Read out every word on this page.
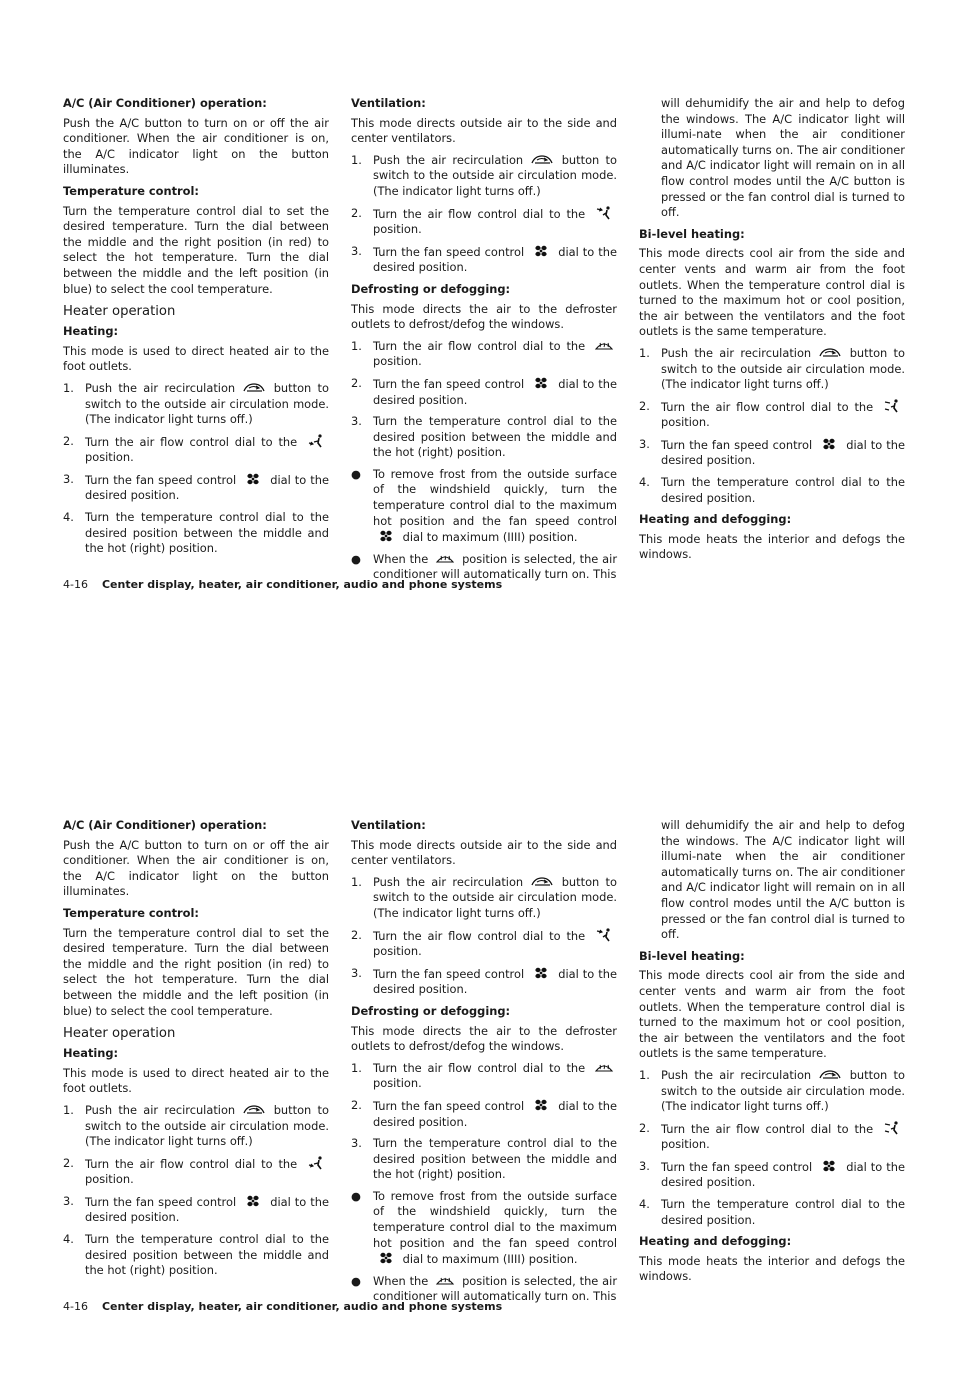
A/C (Air Conditioner) operation:
Push the A/C button to turn on or off the air conditioner. When the air conditioner is on, the A/C indicator light on the button illuminates.
Temperature control:
Turn the temperature control dial to set the desired temperature. Turn the dial between the middle and the right position (in red) to select the hot temperature. Turn the dial between the middle and the left position (in blue) to select the cool temperature.
Heater operation
Heating:
This mode is used to direct heated air to the foot outlets.
1. Push the air recirculation	button to switch to the outside air circulation mode. (The indicator light turns off.)
2. Turn the air flow control dial to the  position.
3. Turn the fan speed control	dial to the desired position.
4. Turn the temperature control dial to the desired position between the middle and the hot (right) position.
Ventilation:
This mode directs outside air to the side and center ventilators.
1. Push the air recirculation	button to switch to the outside air circulation mode. (The indicator light turns off.)
2. Turn the air flow control dial to the  position.
3. Turn the fan speed control	dial to the desired position.
Defrosting or defogging:
This mode directs the air to the defroster outlets to defrost/defog the windows.
1. Turn the air flow control dial to the  position.
2. Turn the fan speed control	dial to the desired position.
3. Turn the temperature control dial to the desired position between the middle and the hot (right) position.
●	To remove frost from the outside surface of the windshield quickly, turn the temperature control dial to the maximum hot position and the fan speed control  dial to maximum (IIII) position.
●	When the	position is selected, the air conditioner will automatically turn on. This
will dehumidify the air and help to defog the windows. The A/C indicator light will illumi-nate when the air conditioner automatically turns on. The air conditioner and A/C indicator light will remain on in all flow control modes until the A/C button is pressed or the fan control dial is turned to off.
Bi-level heating:
This mode directs cool air from the side and center vents and warm air from the foot outlets. When the temperature control dial is turned to the maximum hot or cool position, the air between the ventilators and the foot outlets is the same temperature.
1. Push the air recirculation	button to switch to the outside air circulation mode. (The indicator light turns off.)
2. Turn the air flow control dial to the  position.
3. Turn the fan speed control	dial to the desired position.
4. Turn the temperature control dial to the desired position.
Heating and defogging:
This mode heats the interior and defogs the windows.
4-16 Center display, heater, air conditioner, audio and phone systems
A/C (Air Conditioner) operation:
Push the A/C button to turn on or off the air conditioner. When the air conditioner is on, the A/C indicator light on the button illuminates.
Temperature control:
Turn the temperature control dial to set the desired temperature. Turn the dial between the middle and the right position (in red) to select the hot temperature. Turn the dial between the middle and the left position (in blue) to select the cool temperature.
Heater operation
Heating:
This mode is used to direct heated air to the foot outlets.
1. Push the air recirculation	button to switch to the outside air circulation mode. (The indicator light turns off.)
2. Turn the air flow control dial to the  position.
3. Turn the fan speed control	dial to the desired position.
4. Turn the temperature control dial to the desired position between the middle and the hot (right) position.
Ventilation:
This mode directs outside air to the side and center ventilators.
1. Push the air recirculation	button to switch to the outside air circulation mode. (The indicator light turns off.)
2. Turn the air flow control dial to the  position.
3. Turn the fan speed control	dial to the desired position.
Defrosting or defogging:
This mode directs the air to the defroster outlets to defrost/defog the windows.
1. Turn the air flow control dial to the  position.
2. Turn the fan speed control	dial to the desired position.
3. Turn the temperature control dial to the desired position between the middle and the hot (right) position.
●	To remove frost from the outside surface of the windshield quickly, turn the temperature control dial to the maximum hot position and the fan speed control  dial to maximum (IIII) position.
●	When the	position is selected, the air conditioner will automatically turn on. This
will dehumidify the air and help to defog the windows. The A/C indicator light will illumi-nate when the air conditioner automatically turns on. The air conditioner and A/C indicator light will remain on in all flow control modes until the A/C button is pressed or the fan control dial is turned to off.
Bi-level heating:
This mode directs cool air from the side and center vents and warm air from the foot outlets. When the temperature control dial is turned to the maximum hot or cool position, the air between the ventilators and the foot outlets is the same temperature.
1. Push the air recirculation	button to switch to the outside air circulation mode. (The indicator light turns off.)
2. Turn the air flow control dial to the  position.
3. Turn the fan speed control	dial to the desired position.
4. Turn the temperature control dial to the desired position.
Heating and defogging:
This mode heats the interior and defogs the windows.
4-16 Center display, heater, air conditioner, audio and phone systems
